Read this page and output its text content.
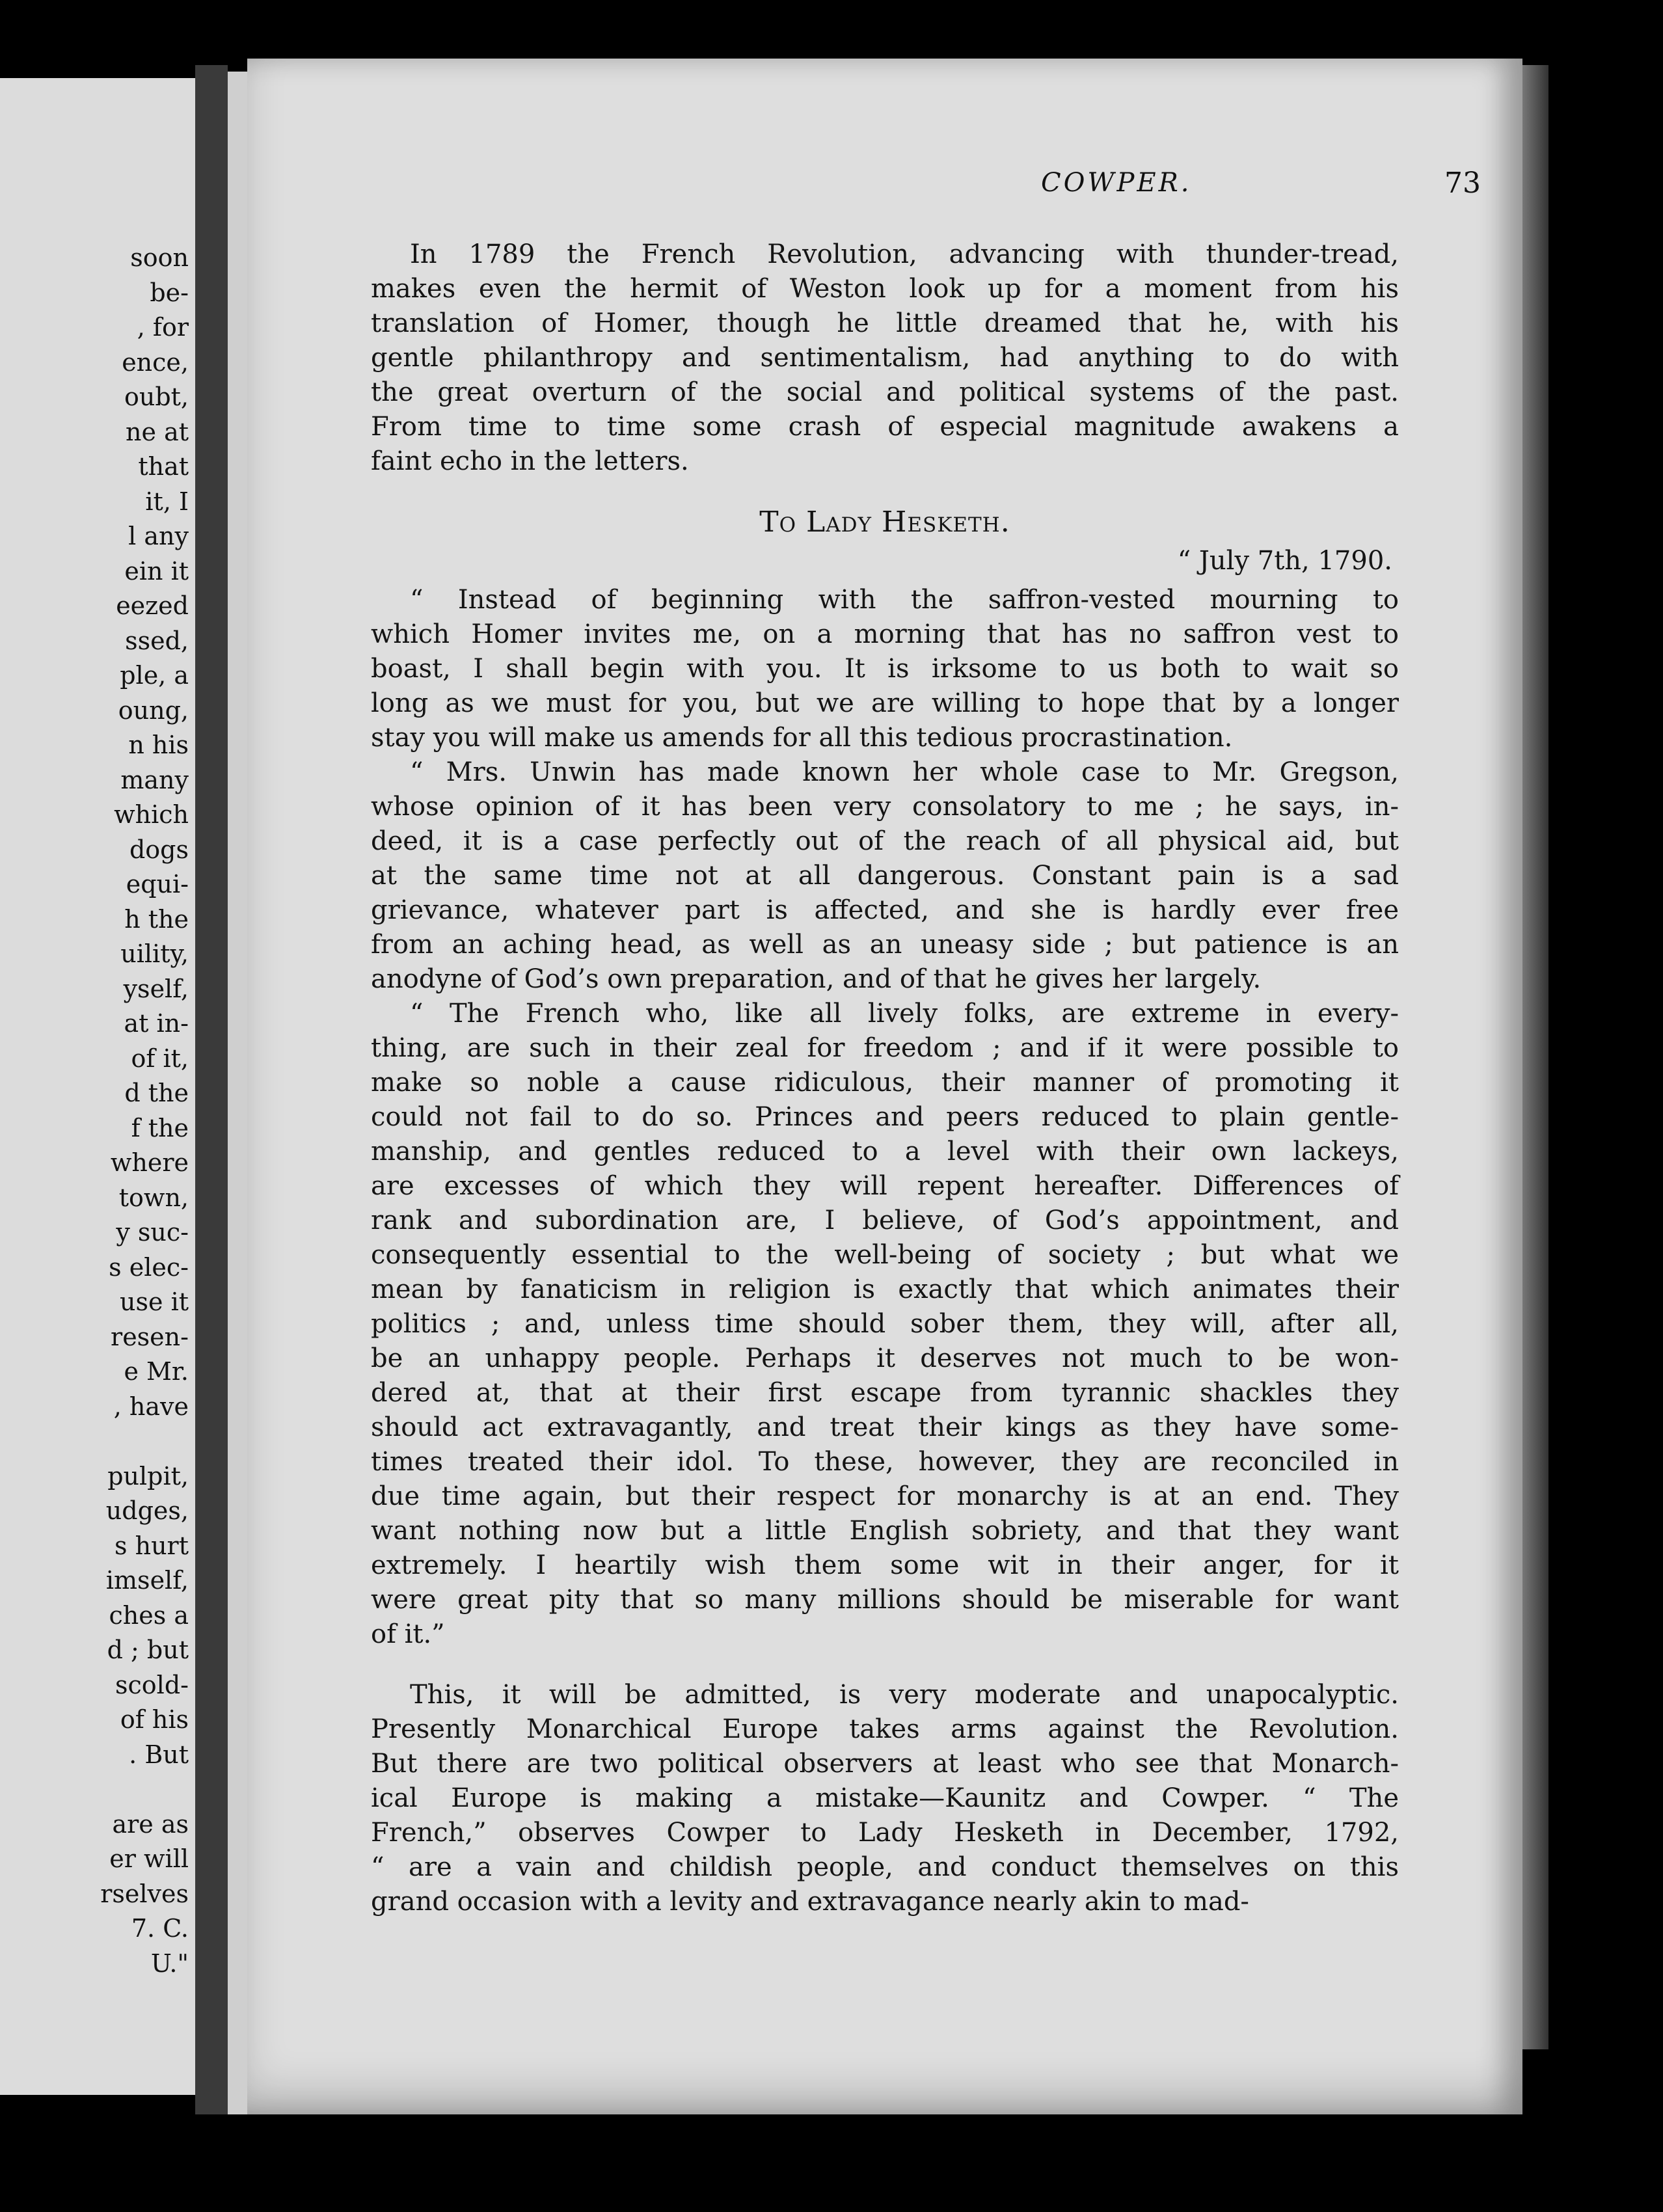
soon
be-
, for
ence,
oubt,
ne at
that
it, I
l any
ein it
eezed
ssed,
ple, a
oung,
n his
many
which
dogs
equi-
h the
uility,
yself,
at in-
of it,
d the
f the
where
town,
y suc-
s elec-
use it
resen-
e Mr.
, have
pulpit,
udges,
s hurt
imself,
ches a
d ; but
scold-
of his
. But
are as
er will
rselves
7. C.
U."
COWPER.	73
In 1789 the French Revolution, advancing with thunder-tread,
makes even the hermit of Weston look up for a moment from his
translation of Homer, though he little dreamed that he, with his
gentle philanthropy and sentimentalism, had anything to do with
the great overturn of the social and political systems of the past.
From time to time some crash of especial magnitude awakens a
faint echo in the letters.
To Lady Hesketh.
“ July 7th, 1790.
“ Instead of beginning with the saffron-vested mourning to
which Homer invites me, on a morning that has no saffron vest to
boast, I shall begin with you. It is irksome to us both to wait so
long as we must for you, but we are willing to hope that by a longer
stay you will make us amends for all this tedious procrastination.
“ Mrs. Unwin has made known her whole case to Mr. Gregson,
whose opinion of it has been very consolatory to me ; he says, in-
deed, it is a case perfectly out of the reach of all physical aid, but
at the same time not at all dangerous. Constant pain is a sad
grievance, whatever part is affected, and she is hardly ever free
from an aching head, as well as an uneasy side ; but patience is an
anodyne of God’s own preparation, and of that he gives her largely.
“ The French who, like all lively folks, are extreme in every-
thing, are such in their zeal for freedom ; and if it were possible to
make so noble a cause ridiculous, their manner of promoting it
could not fail to do so. Princes and peers reduced to plain gentle-
manship, and gentles reduced to a level with their own lackeys,
are excesses of which they will repent hereafter. Differences of
rank and subordination are, I believe, of God’s appointment, and
consequently essential to the well-being of society ; but what we
mean by fanaticism in religion is exactly that which animates their
politics ; and, unless time should sober them, they will, after all,
be an unhappy people. Perhaps it deserves not much to be won-
dered at, that at their first escape from tyrannic shackles they
should act extravagantly, and treat their kings as they have some-
times treated their idol. To these, however, they are reconciled in
due time again, but their respect for monarchy is at an end. They
want nothing now but a little English sobriety, and that they want
extremely. I heartily wish them some wit in their anger, for it
were great pity that so many millions should be miserable for want
of it.”
This, it will be admitted, is very moderate and unapocalyptic.
Presently Monarchical Europe takes arms against the Revolution.
But there are two political observers at least who see that Monarch-
ical Europe is making a mistake—Kaunitz and Cowper. “ The
French,” observes Cowper to Lady Hesketh in December, 1792,
“ are a vain and childish people, and conduct themselves on this
grand occasion with a levity and extravagance nearly akin to mad-
